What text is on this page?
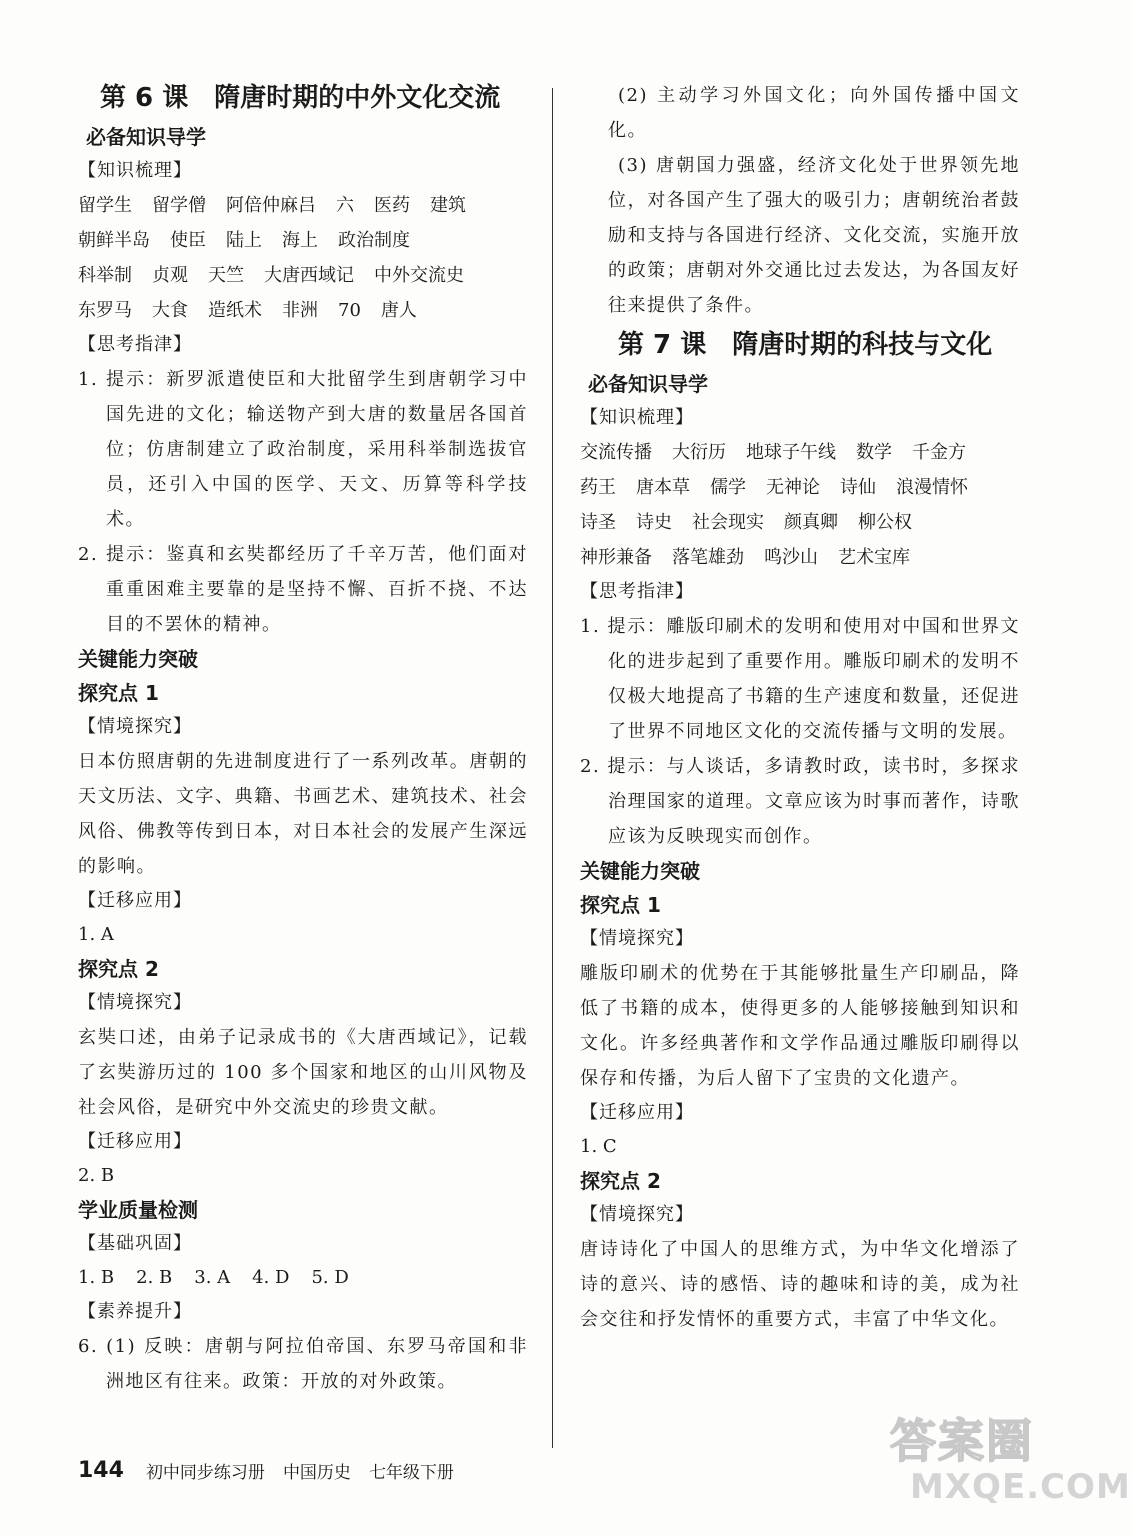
第 6 课　隋唐时期的中外文化交流
必备知识导学
【知识梳理】
留学生 留学僧 阿倍仲麻吕 六 医药 建筑
朝鲜半岛 使臣 陆上 海上 政治制度
科举制 贞观 天竺 大唐西域记 中外交流史
东罗马 大食 造纸术 非洲 70 唐人
【思考指津】
1. 提示：新罗派遣使臣和大批留学生到唐朝学习中国先进的文化；输送物产到大唐的数量居各国首位；仿唐制建立了政治制度，采用科举制选拔官员，还引入中国的医学、天文、历算等科学技术。
2. 提示：鉴真和玄奘都经历了千辛万苦，他们面对重重困难主要靠的是坚持不懈、百折不挠、不达目的不罢休的精神。
关键能力突破
探究点 1
【情境探究】
日本仿照唐朝的先进制度进行了一系列改革。唐朝的天文历法、文字、典籍、书画艺术、建筑技术、社会风俗、佛教等传到日本，对日本社会的发展产生深远的影响。
【迁移应用】
1. A
探究点 2
【情境探究】
玄奘口述，由弟子记录成书的《大唐西域记》，记载了玄奘游历过的 100 多个国家和地区的山川风物及社会风俗，是研究中外交流史的珍贵文献。
【迁移应用】
2. B
学业质量检测
【基础巩固】
1. B 2. B 3. A 4. D 5. D
【素养提升】
6. (1) 反映：唐朝与阿拉伯帝国、东罗马帝国和非洲地区有往来。政策：开放的对外政策。
(2) 主动学习外国文化；向外国传播中国文化。
(3) 唐朝国力强盛，经济文化处于世界领先地位，对各国产生了强大的吸引力；唐朝统治者鼓励和支持与各国进行经济、文化交流，实施开放的政策；唐朝对外交通比过去发达，为各国友好往来提供了条件。
第 7 课　隋唐时期的科技与文化
必备知识导学
【知识梳理】
交流传播 大衍历 地球子午线 数学 千金方
药王 唐本草 儒学 无神论 诗仙 浪漫情怀
诗圣 诗史 社会现实 颜真卿 柳公权
神形兼备 落笔雄劲 鸣沙山 艺术宝库
【思考指津】
1. 提示：雕版印刷术的发明和使用对中国和世界文化的进步起到了重要作用。雕版印刷术的发明不仅极大地提高了书籍的生产速度和数量，还促进了世界不同地区文化的交流传播与文明的发展。
2. 提示：与人谈话，多请教时政，读书时，多探求治理国家的道理。文章应该为时事而著作，诗歌应该为反映现实而创作。
关键能力突破
探究点 1
【情境探究】
雕版印刷术的优势在于其能够批量生产印刷品，降低了书籍的成本，使得更多的人能够接触到知识和文化。许多经典著作和文学作品通过雕版印刷得以保存和传播，为后人留下了宝贵的文化遗产。
【迁移应用】
1. C
探究点 2
【情境探究】
唐诗诗化了中国人的思维方式，为中华文化增添了诗的意兴、诗的感悟、诗的趣味和诗的美，成为社会交往和抒发情怀的重要方式，丰富了中华文化。
144 初中同步练习册 中国历史 七年级下册
答案圈
MXQE.COM
